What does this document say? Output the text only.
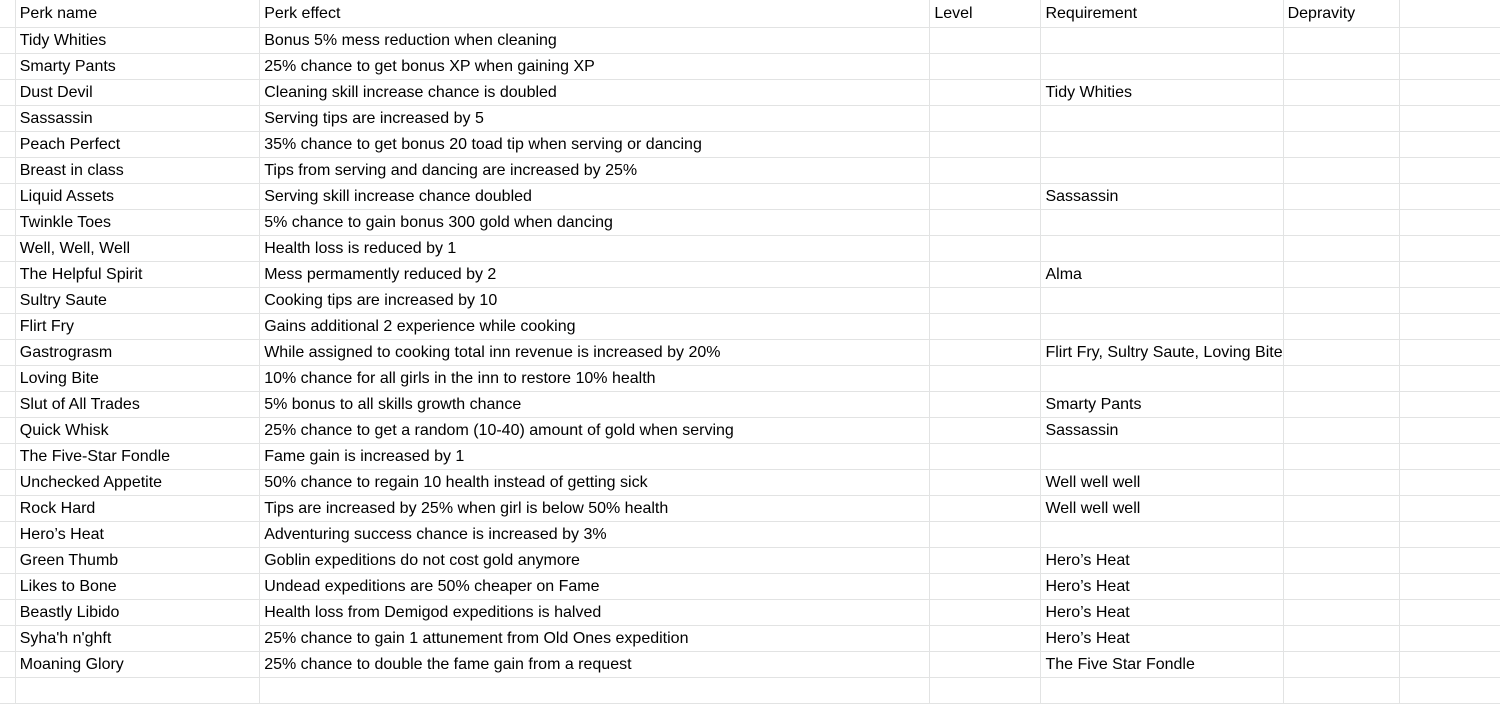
	Perk name	Perk effect	Level	Requirement	Depravity	
	Tidy Whities	Bonus 5% mess reduction when cleaning				
	Smarty Pants	25% chance to get bonus XP when gaining XP				
	Dust Devil	Cleaning skill increase chance is doubled		Tidy Whities		
	Sassassin	Serving tips are increased by 5				
	Peach Perfect	35% chance to get bonus 20 toad tip when serving or dancing				
	Breast in class	Tips from serving and dancing are increased by 25%				
	Liquid Assets	Serving skill increase chance doubled		Sassassin		
	Twinkle Toes	5% chance to gain bonus 300 gold when dancing				
	Well, Well, Well	Health loss is reduced by 1				
	The Helpful Spirit	Mess permamently reduced by 2		Alma		
	Sultry Saute	Cooking tips are increased by 10				
	Flirt Fry	Gains additional 2 experience while cooking				
	Gastrograsm	While assigned to cooking total inn revenue is increased by 20%		Flirt Fry, Sultry Saute, Loving Bite		
	Loving Bite	10% chance for all girls in the inn to restore 10% health				
	Slut of All Trades	5% bonus to all skills growth chance		Smarty Pants		
	Quick Whisk	25% chance to get a random (10-40) amount of gold when serving		Sassassin		
	The Five-Star Fondle	Fame gain is increased by 1				
	Unchecked Appetite	50% chance to regain 10 health instead of getting sick		Well well well		
	Rock Hard	Tips are increased by 25% when girl is below 50% health		Well well well		
	Hero’s Heat	Adventuring success chance is increased by 3%				
	Green Thumb	Goblin expeditions do not cost gold anymore		Hero’s Heat		
	Likes to Bone	Undead expeditions are 50% cheaper on Fame		Hero’s Heat		
	Beastly Libido	Health loss from Demigod expeditions is halved		Hero’s Heat		
	Syha'h n'ghft	25% chance to gain 1 attunement from Old Ones expedition		Hero’s Heat		
	Moaning Glory	25% chance to double the fame gain from a request		The Five Star Fondle		
